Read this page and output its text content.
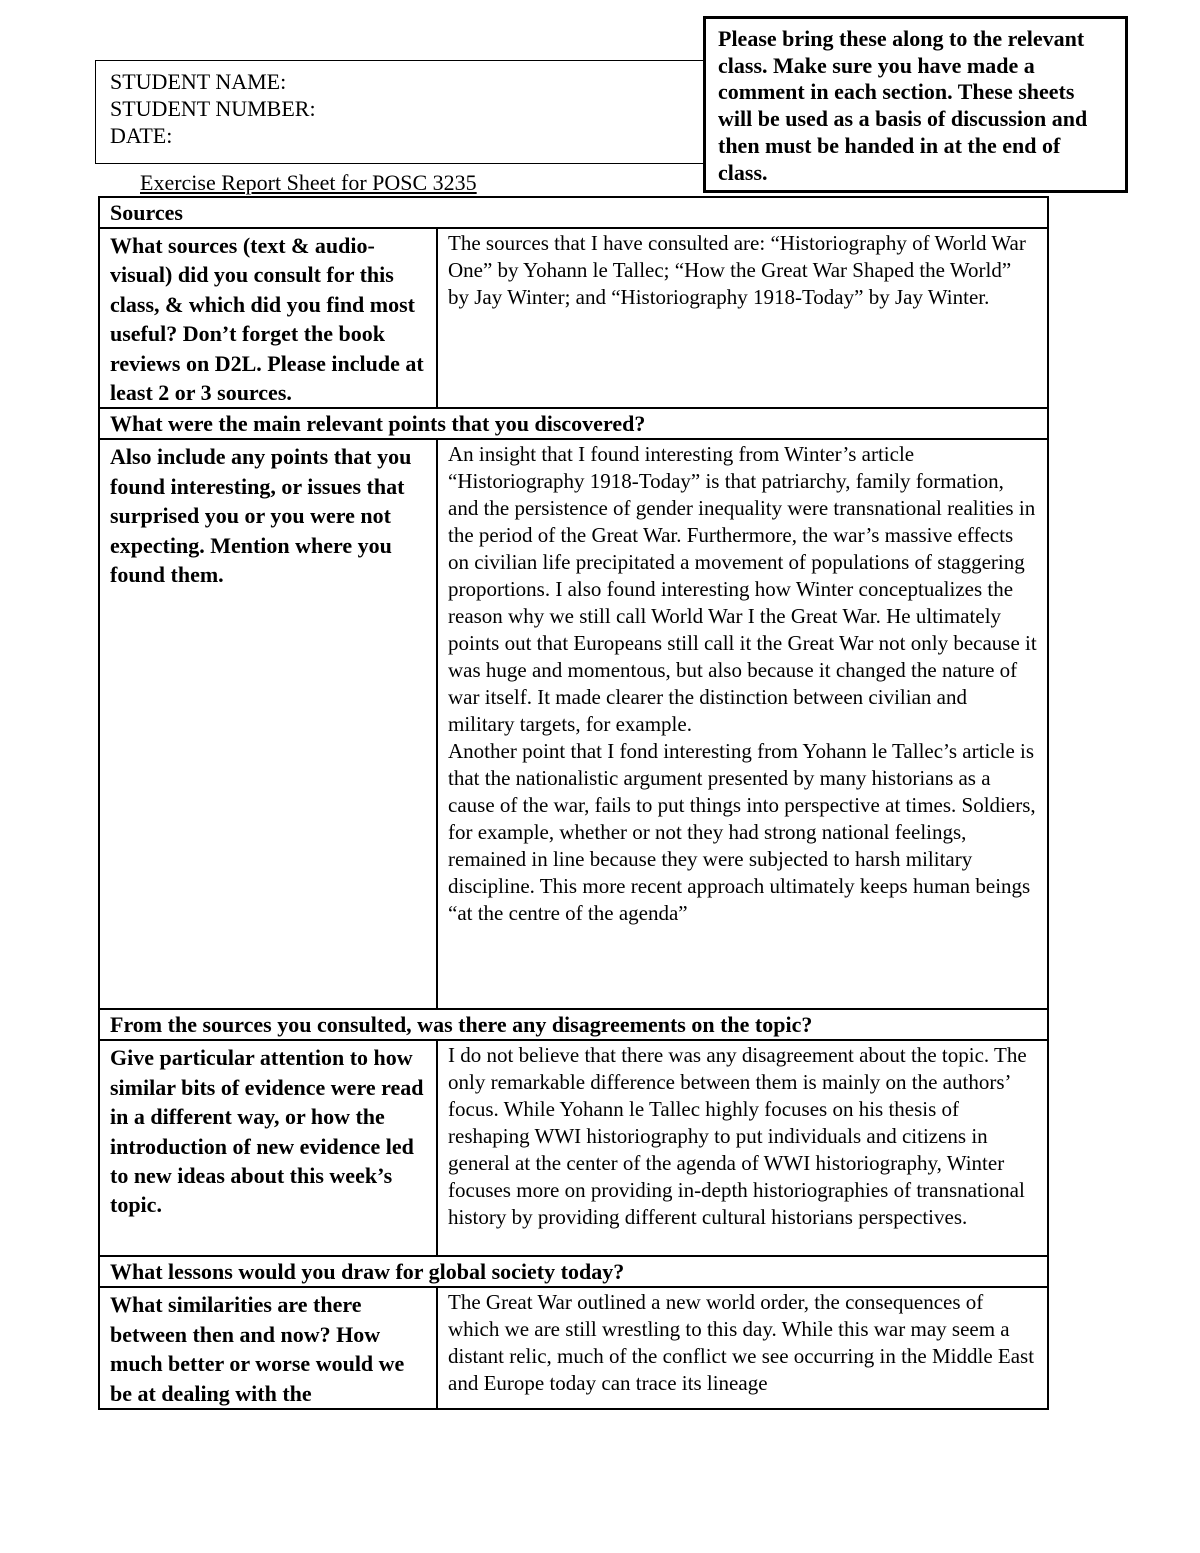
STUDENT NAME:
STUDENT NUMBER:
DATE:
Please bring these along to the relevant class. Make sure you have made a comment in each section. These sheets will be used as a basis of discussion and then must be handed in at the end of class.
Exercise Report Sheet for POSC 3235
Sources	
What sources (text & audio-visual) did you consult for this class, & which did you find most useful? Don’t forget the book reviews on D2L. Please include at least 2 or 3 sources.	The sources that I have consulted are: “Historiography of World War One” by Yohann le Tallec; “How the Great War Shaped the World” by Jay Winter; and “Historiography 1918-Today” by Jay Winter.

What were the main relevant points that you discovered?	
Also include any points that you found interesting, or issues that surprised you or you were not expecting. Mention where you found them.	An insight that I found interesting from Winter’s article “Historiography 1918-Today” is that patriarchy, family formation, and the persistence of gender inequality were transnational realities in the period of the Great War. Furthermore, the war’s massive effects on civilian life precipitated a movement of populations of staggering proportions. I also found interesting how Winter conceptualizes the reason why we still call World War I the Great War. He ultimately points out that Europeans still call it the Great War not only because it was huge and momentous, but also because it changed the nature of war itself. It made clearer the distinction between civilian and military targets, for example.

Another point that I fond interesting from Yohann le Tallec’s article is that the nationalistic argument presented by many historians as a cause of the war, fails to put things into perspective at times. Soldiers, for example, whether or not they had strong national feelings, remained in line because they were subjected to harsh military discipline. This more recent approach ultimately keeps human beings “at the centre of the agenda”

From the sources you consulted, was there any disagreements on the topic?	
Give particular attention to how similar bits of evidence were read in a different way, or how the introduction of new evidence led to new ideas about this week’s topic.	I do not believe that there was any disagreement about the topic. The only remarkable difference between them is mainly on the authors’ focus. While Yohann le Tallec highly focuses on his thesis of reshaping WWI historiography to put individuals and citizens in general at the center of the agenda of WWI historiography, Winter focuses more on providing in-depth historiographies of transnational history by providing different cultural historians perspectives.

What lessons would you draw for global society today?	
What similarities are there between then and now? How much better or worse would we be at dealing with the	The Great War outlined a new world order, the consequences of which we are still wrestling to this day. While this war may seem a distant relic, much of the conflict we see occurring in the Middle East and Europe today can trace its lineage
